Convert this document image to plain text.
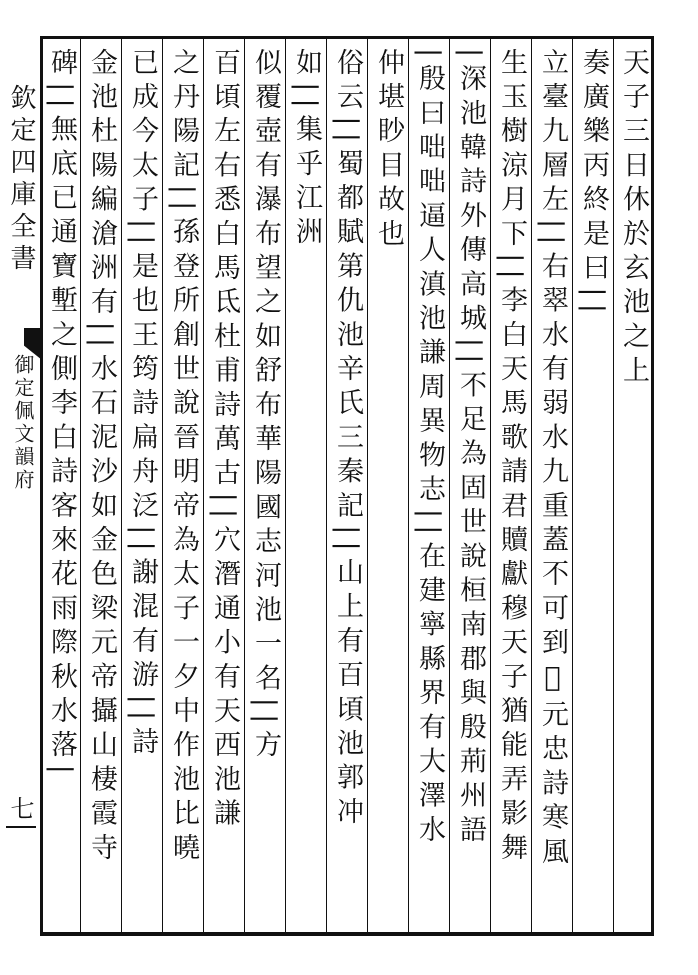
欽定四庫全書
御定佩文韻府
七
天子三日休於玄池之上
奏廣樂丙終是曰||
立臺九層左||右翠水有弱水九重蓋不可到𦆵元忠詩寒風
生玉樹涼月下||李白天馬歌請君贖獻穆天子猶能弄影舞
|深池韓詩外傳高城||不足為固世說桓南郡與殷荊州語
|殷曰咄咄逼人滇池謙周異物志||在建寧縣界有大澤水
仲堪眇目故也
俗云||蜀都賦第仇池辛氏三秦記||山上有百頃池郭冲
如||集乎江洲
似覆壺有瀑布望之如舒布華陽國志河池一名||方
百頃左右悉白馬氐杜甫詩萬古||穴潛通小有天西池謙
之丹陽記||孫登所創世說晉明帝為太子一夕中作池比曉
已成今太子||是也王筠詩扁舟泛||謝混有游||詩
金池杜陽編滄洲有||水石泥沙如金色梁元帝攝山棲霞寺
碑||無底已通寶塹之側李白詩客來花雨際秋水落|
